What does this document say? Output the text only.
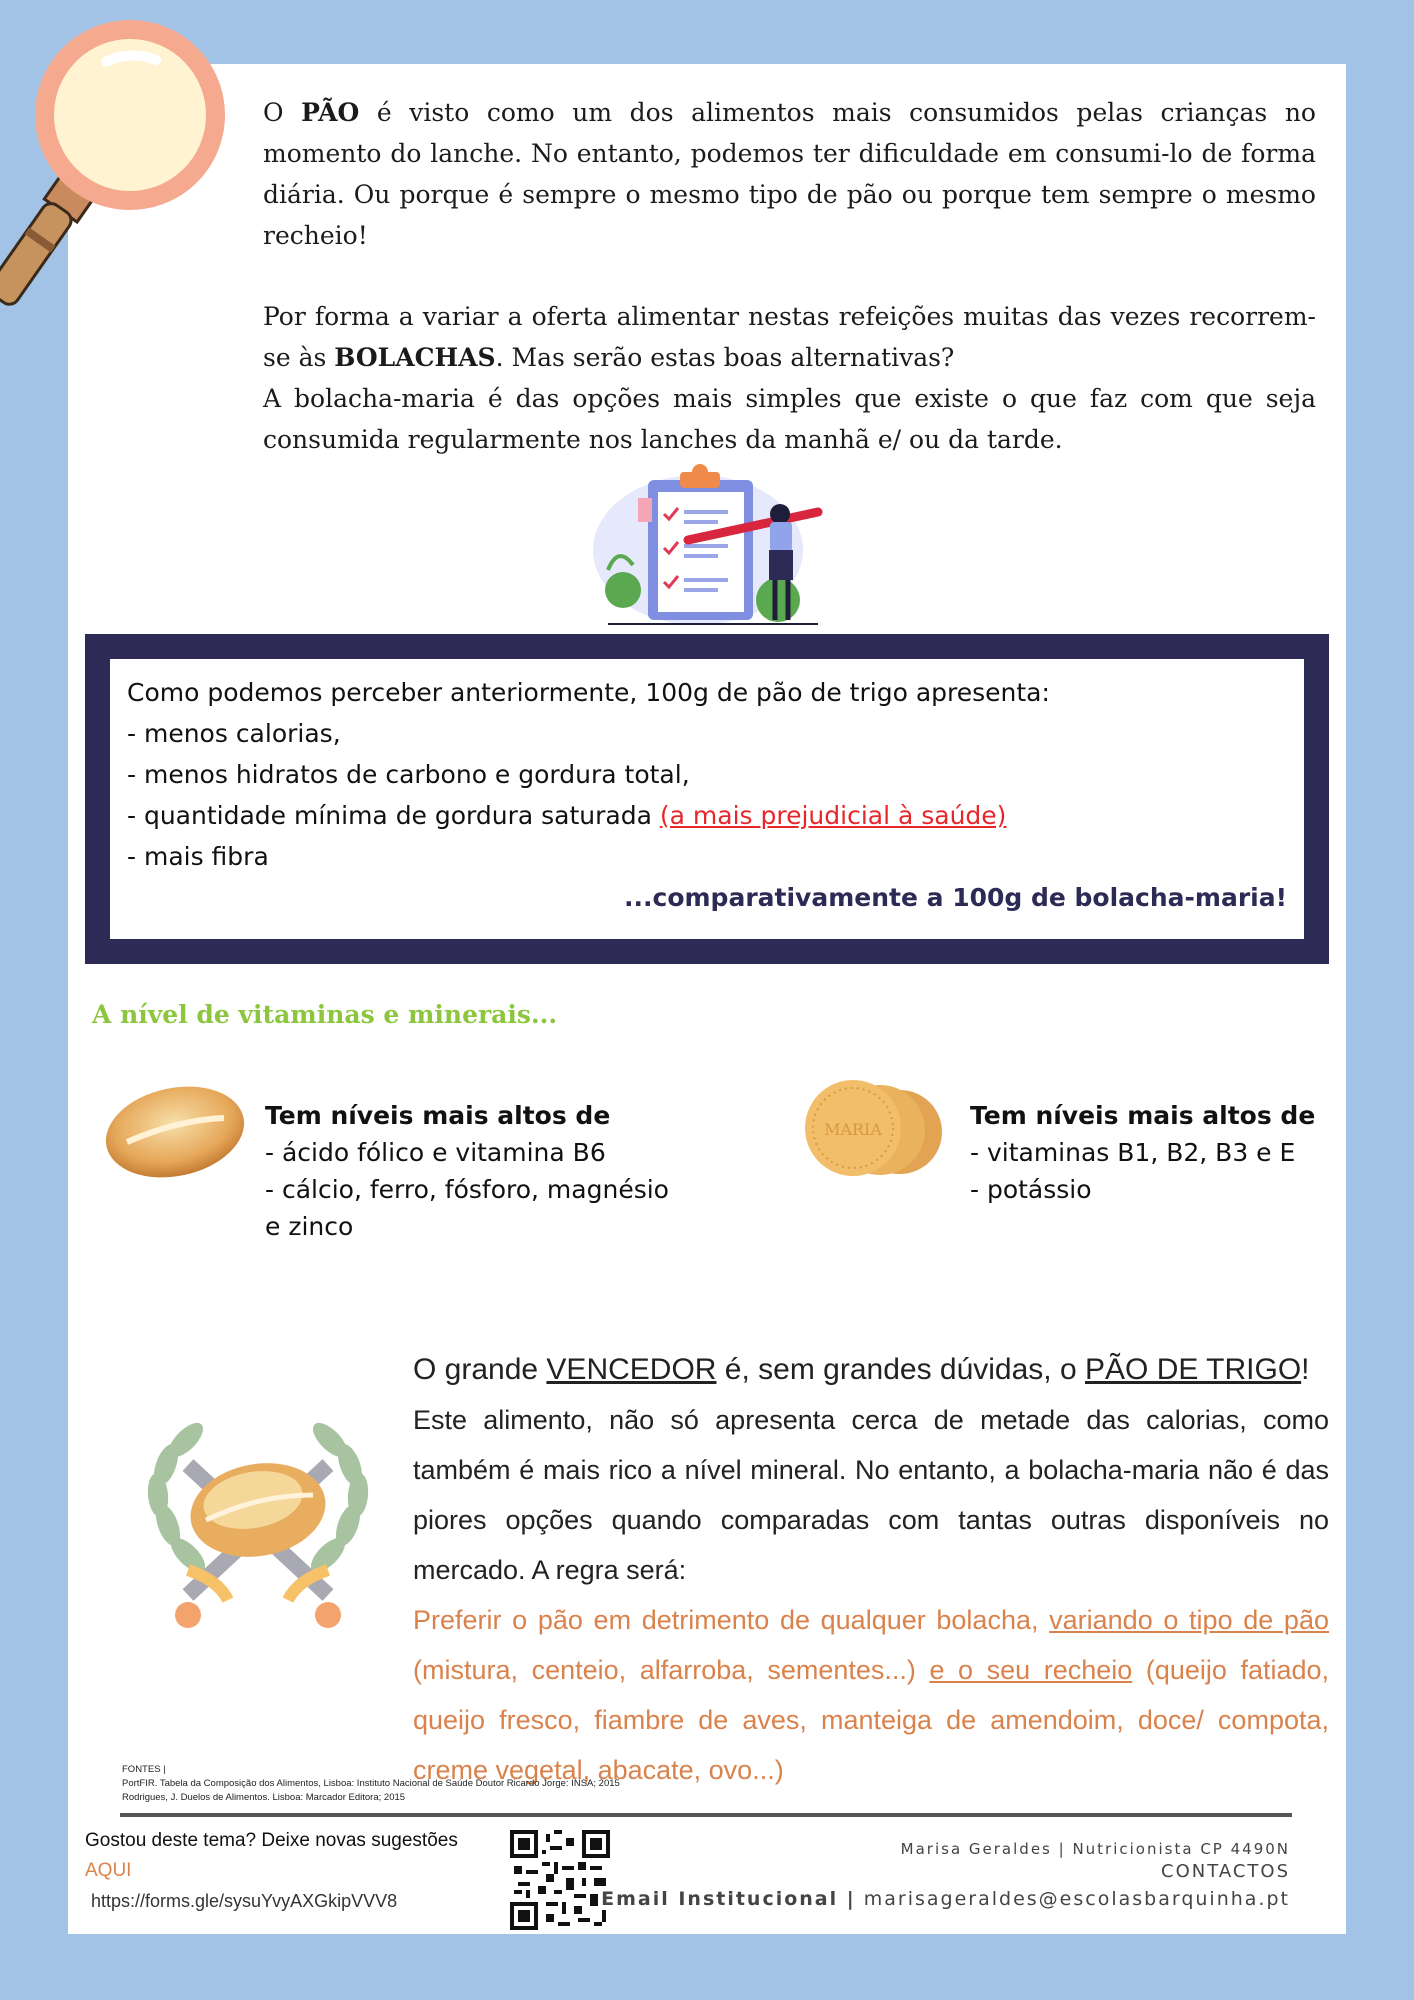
O PÃO é visto como um dos alimentos mais consumidos pelas crianças no momento do lanche. No entanto, podemos ter dificuldade em consumi-lo de forma diária. Ou porque é sempre o mesmo tipo de pão ou porque tem sempre o mesmo recheio!

Por forma a variar a oferta alimentar nestas refeições muitas das vezes recorrem-se às BOLACHAS. Mas serão estas boas alternativas?

A bolacha-maria é das opções mais simples que existe o que faz com que seja consumida regularmente nos lanches da manhã e/ ou da tarde.

Como podemos perceber anteriormente, 100g de pão de trigo apresenta:
- menos calorias,
- menos hidratos de carbono e gordura total,
- quantidade mínima de gordura saturada (a mais prejudicial à saúde)
- mais fibra
...comparativamente a 100g de bolacha-maria!
A nível de vitaminas e minerais...
Tem níveis mais altos de
- ácido fólico e vitamina B6
- cálcio, ferro, fósforo, magnésio
e zinco
MARIA	Tem níveis mais altos de
- vitaminas B1, B2, B3 e E
- potássio
O grande VENCEDOR é, sem grandes dúvidas, o PÃO DE TRIGO!
Este alimento, não só apresenta cerca de metade das calorias, como também é mais rico a nível mineral. No entanto, a bolacha-maria não é das piores opções quando comparadas com tantas outras disponíveis no mercado. A regra será:
Preferir o pão em detrimento de qualquer bolacha, variando o tipo de pão (mistura, centeio, alfarroba, sementes...) e o seu recheio (queijo fatiado, queijo fresco, fiambre de aves, manteiga de amendoim, doce/ compota, creme vegetal, abacate, ovo...)
FONTES |
PortFIR. Tabela da Composição dos Alimentos, Lisboa: Instituto Nacional de Saúde Doutor Ricardo Jorge: INSA; 2015
Rodrigues, J. Duelos de Alimentos. Lisboa: Marcador Editora; 2015
Gostou deste tema? Deixe novas sugestões
AQUI
https://forms.gle/sysuYvyAXGkipVVV8
Marisa Geraldes | Nutricionista CP 4490N
CONTACTOS
Email Institucional | marisageraldes@escolasbarquinha.pt
